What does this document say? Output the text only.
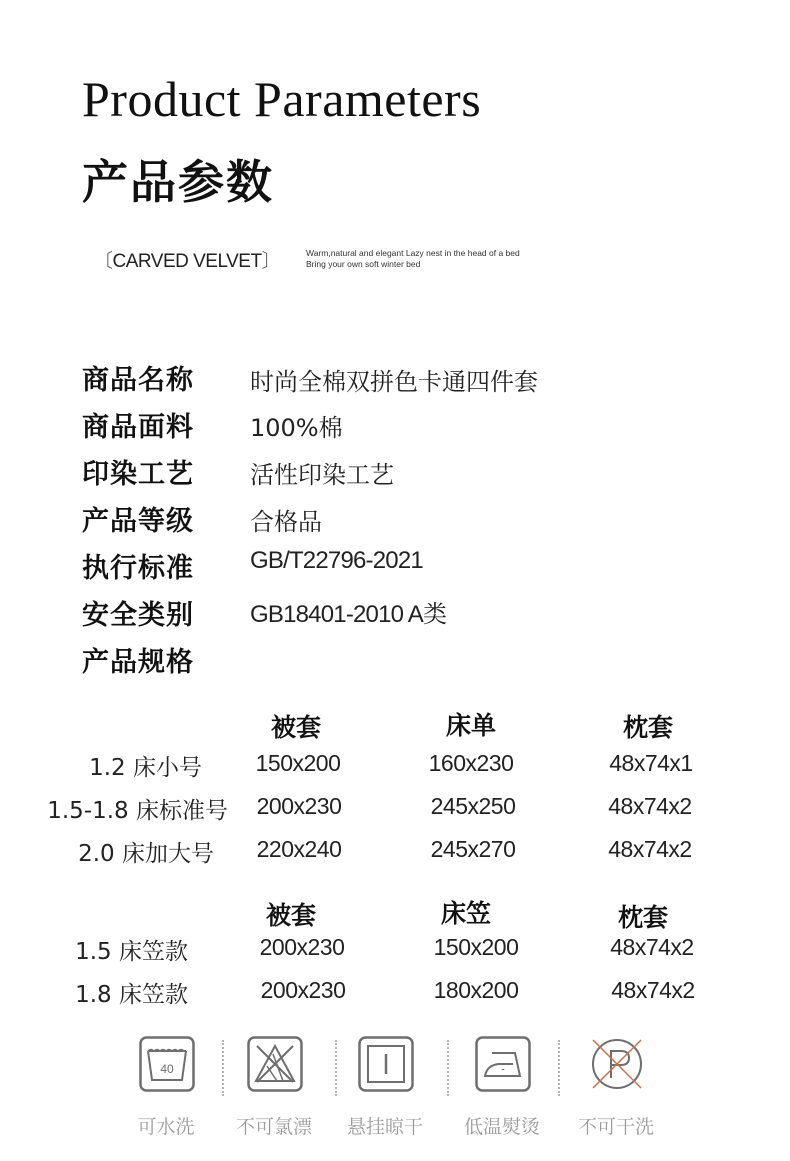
Product Parameters
产品参数
〔CARVED VELVET〕	Warm,natural and elegant Lazy nest in the head of a bed
Bring your own soft winter bed
商品名称 时尚全棉双拼色卡通四件套
商品面料 100%棉
印染工艺 活性印染工艺
产品等级 合格品
执行标准 GB/T22796-2021
安全类别 GB18401-2010 A类
产品规格
被套	床单	枕套
1.2 床小号	150x200	160x230	48x74x1
1.5-1.8 床标准号	200x230	245x250	48x74x2
2.0 床加大号	220x240	245x270	48x74x2
被套	床笠	枕套
1.5 床笠款	200x230	150x200	48x74x2
1.8 床笠款	200x230	180x200	48x74x2
40
可水洗	不可氯漂	悬挂晾干	低温熨烫	不可干洗
